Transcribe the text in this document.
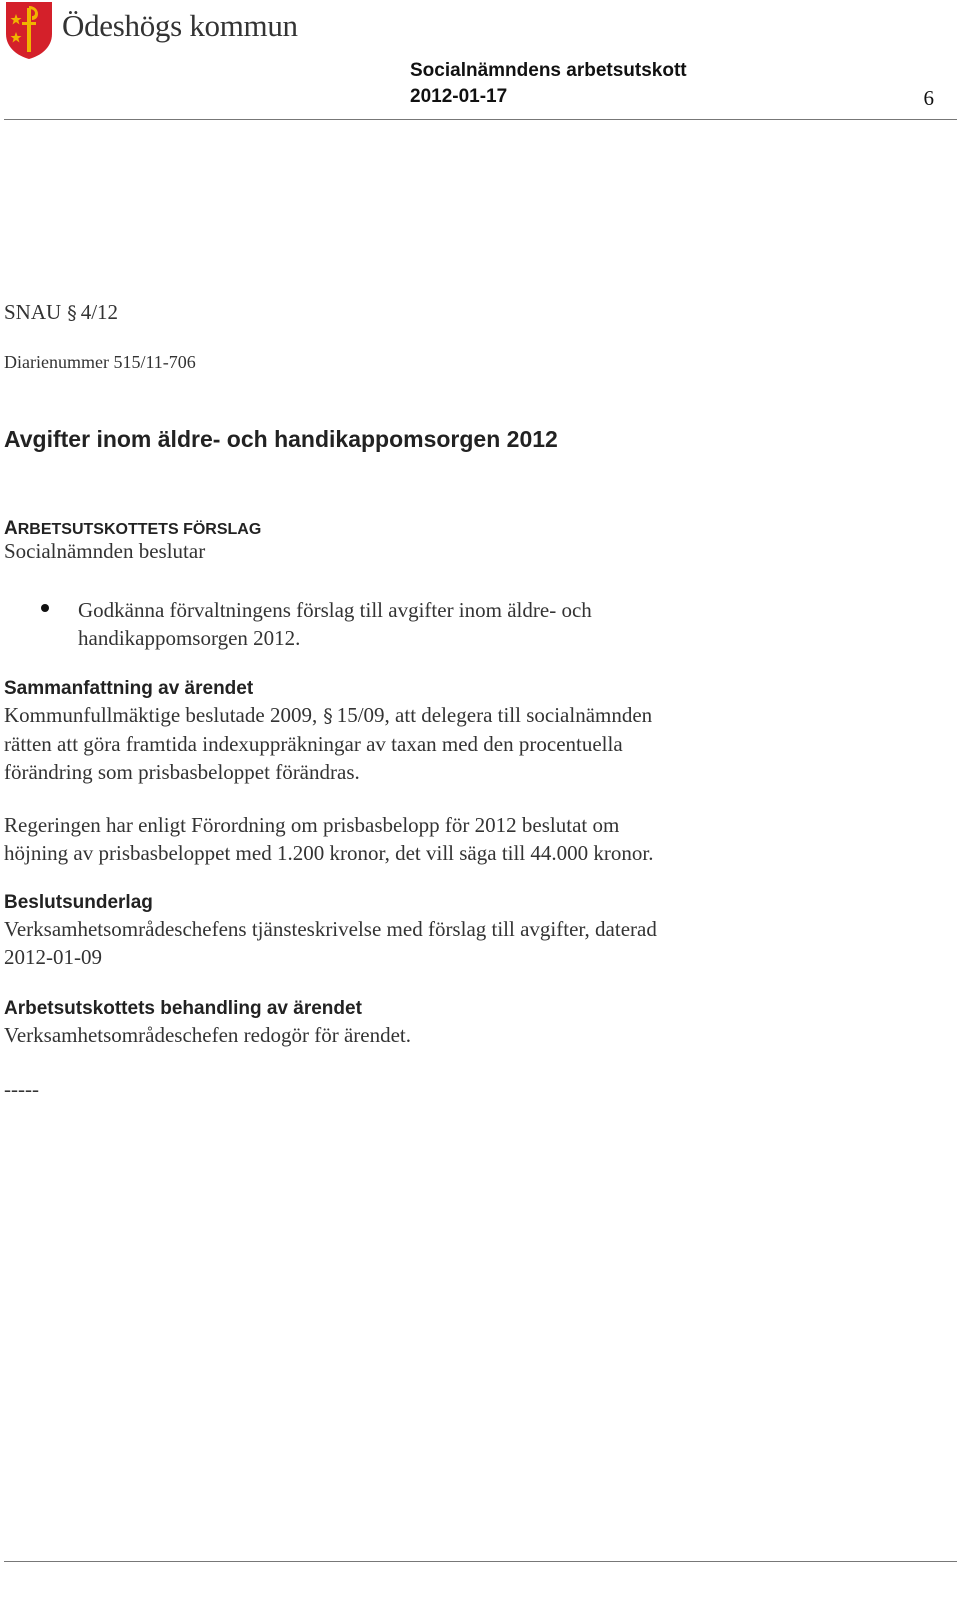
Ödeshögs kommun
Socialnämndens arbetsutskott
2012-01-17	6
SNAU § 4/12
Diarienummer 515/11-706
Avgifter inom äldre- och handikappomsorgen 2012
ARBETSUTSKOTTETS FÖRSLAG
Socialnämnden beslutar
Godkänna förvaltningens förslag till avgifter inom äldre- och
handikappomsorgen 2012.
Sammanfattning av ärendet
Kommunfullmäktige beslutade 2009, § 15/09, att delegera till socialnämnden
rätten att göra framtida indexuppräkningar av taxan med den procentuella
förändring som prisbasbeloppet förändras.
Regeringen har enligt Förordning om prisbasbelopp för 2012 beslutat om
höjning av prisbasbeloppet med 1.200 kronor, det vill säga till 44.000 kronor.
Beslutsunderlag
Verksamhetsområdeschefens tjänsteskrivelse med förslag till avgifter, daterad
2012-01-09
Arbetsutskottets behandling av ärendet
Verksamhetsområdeschefen redogör för ärendet.
-----
